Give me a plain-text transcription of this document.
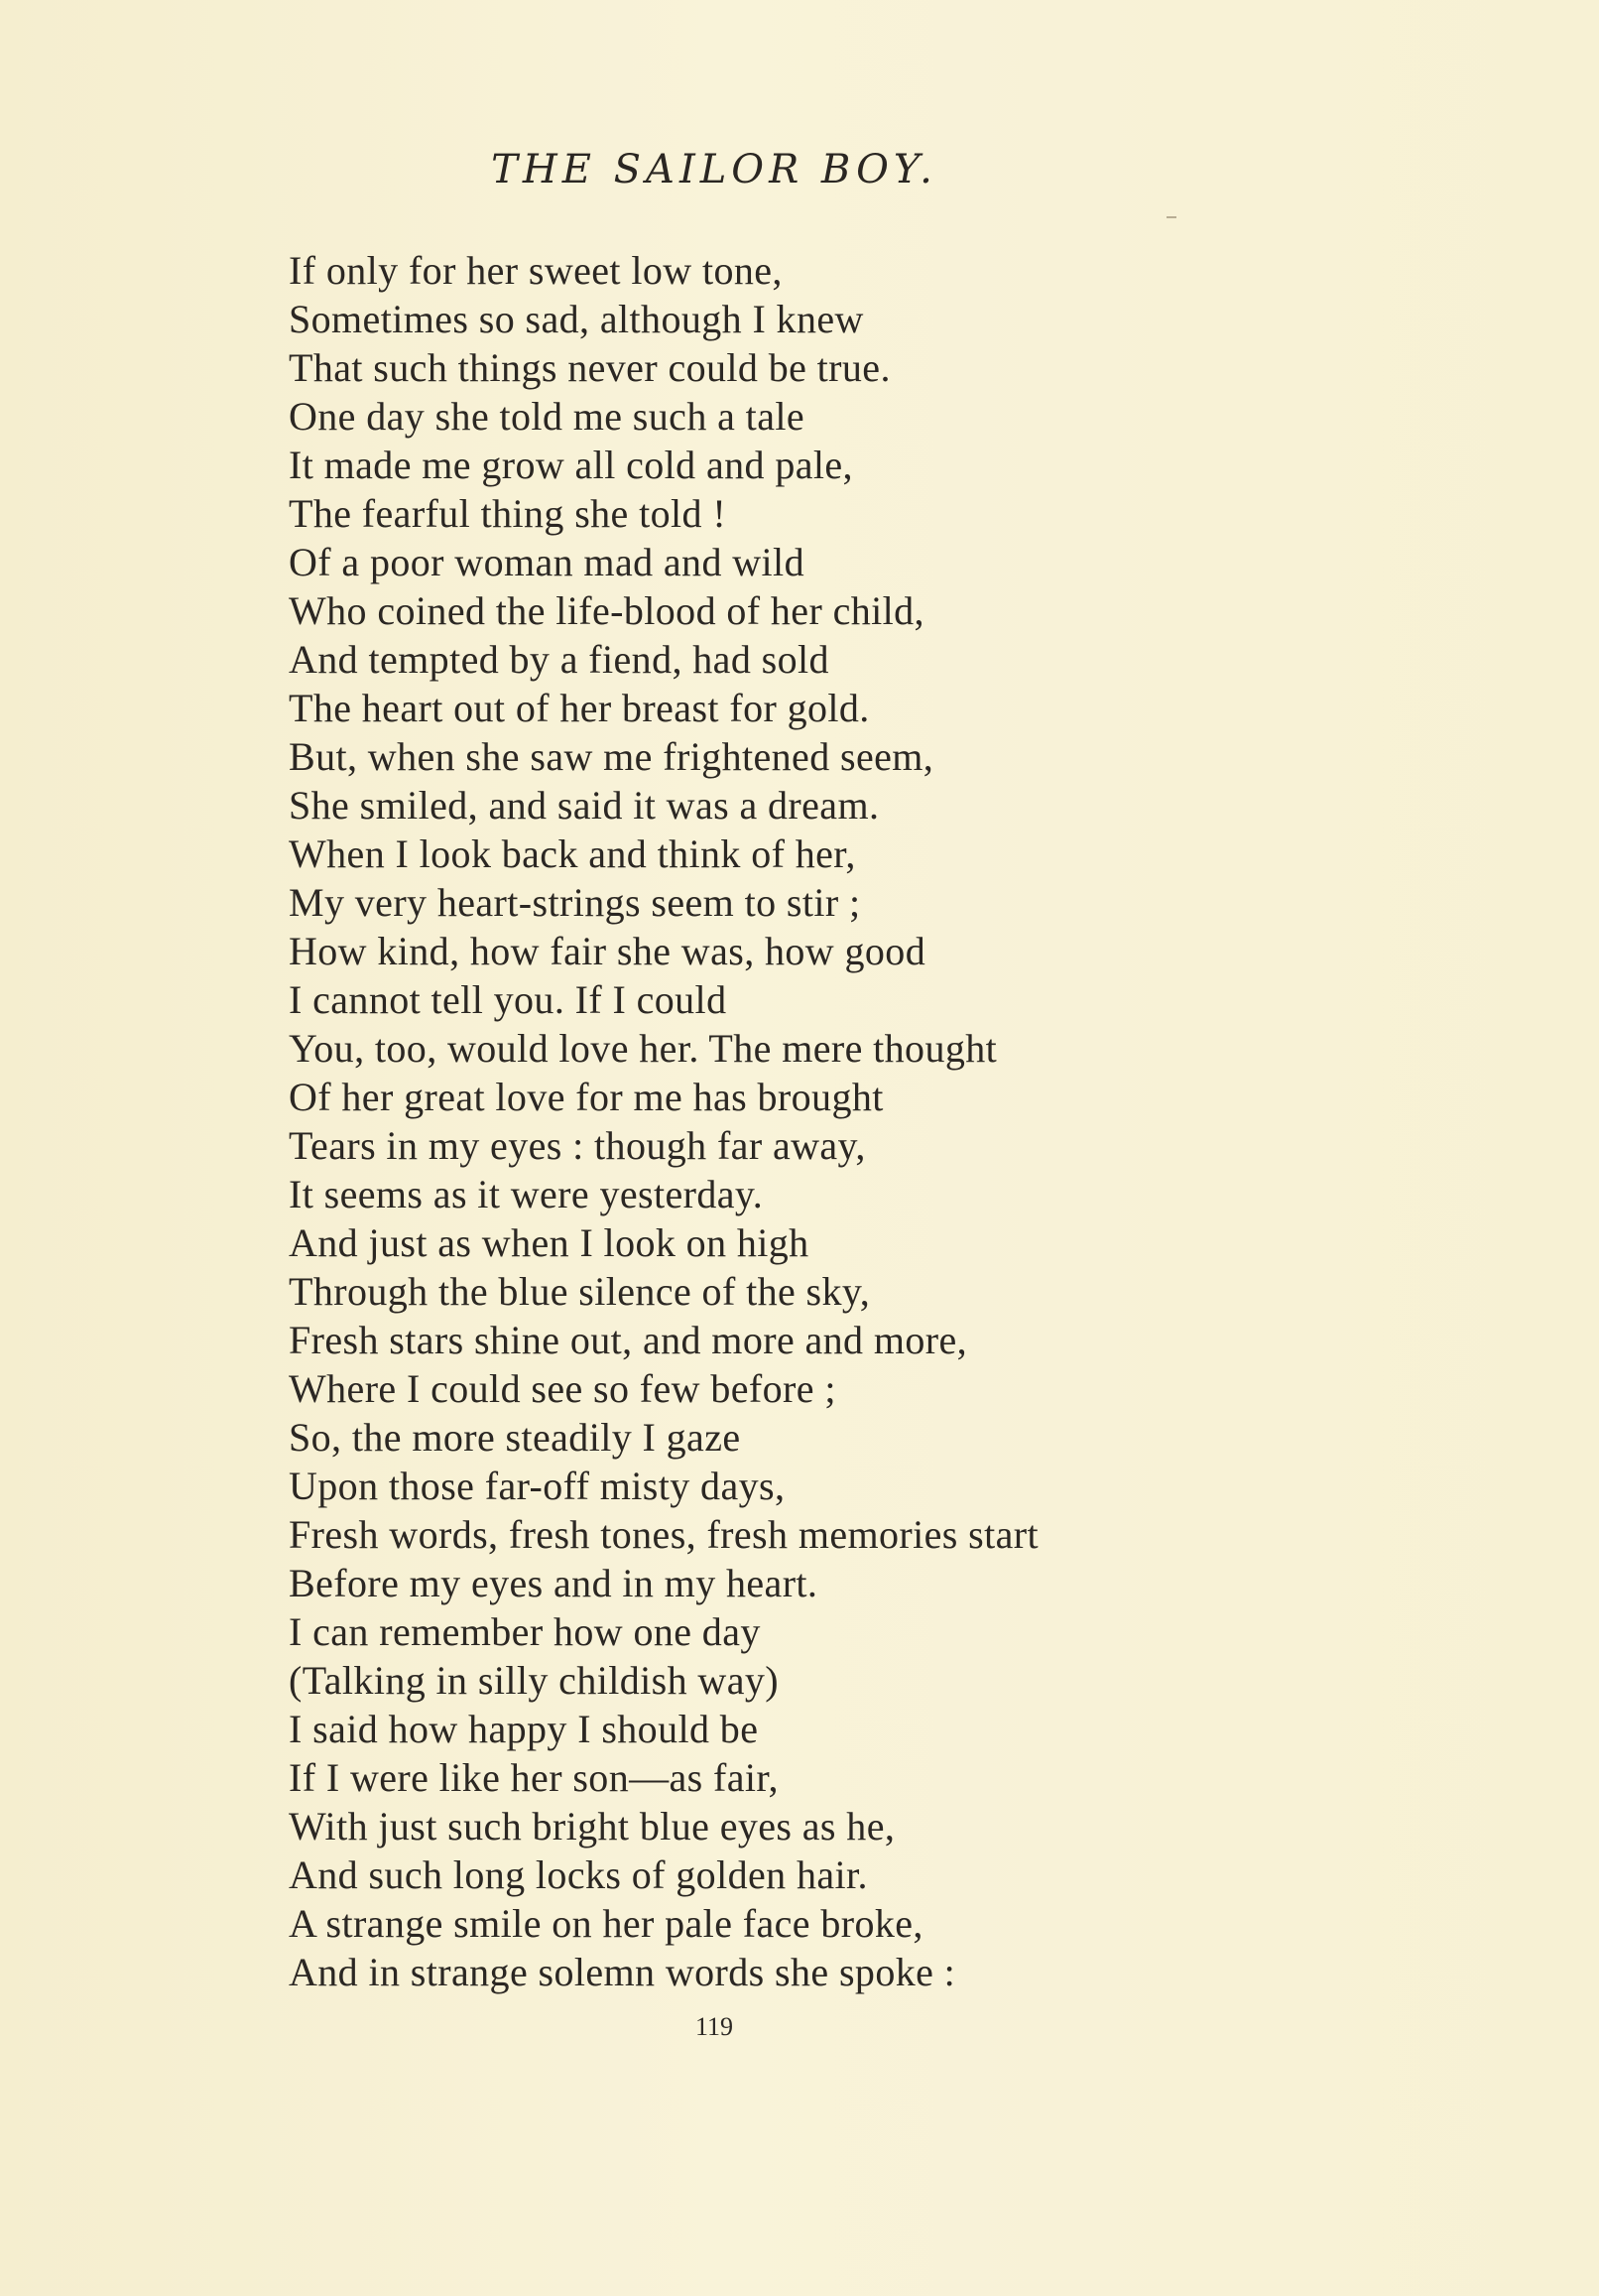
THE SAILOR BOY.
If only for her sweet low tone,
Sometimes so sad, although I knew
That such things never could be true.
One day she told me such a tale
It made me grow all cold and pale,
The fearful thing she told !
Of a poor woman mad and wild
Who coined the life-blood of her child,
And tempted by a fiend, had sold
The heart out of her breast for gold.
But, when she saw me frightened seem,
She smiled, and said it was a dream.
When I look back and think of her,
My very heart-strings seem to stir ;
How kind, how fair she was, how good
I cannot tell you. If I could
You, too, would love her. The mere thought
Of her great love for me has brought
Tears in my eyes : though far away,
It seems as it were yesterday.
And just as when I look on high
Through the blue silence of the sky,
Fresh stars shine out, and more and more,
Where I could see so few before ;
So, the more steadily I gaze
Upon those far-off misty days,
Fresh words, fresh tones, fresh memories start
Before my eyes and in my heart.
I can remember how one day
(Talking in silly childish way)
I said how happy I should be
If I were like her son—as fair,
With just such bright blue eyes as he,
And such long locks of golden hair.
A strange smile on her pale face broke,
And in strange solemn words she spoke :
119
